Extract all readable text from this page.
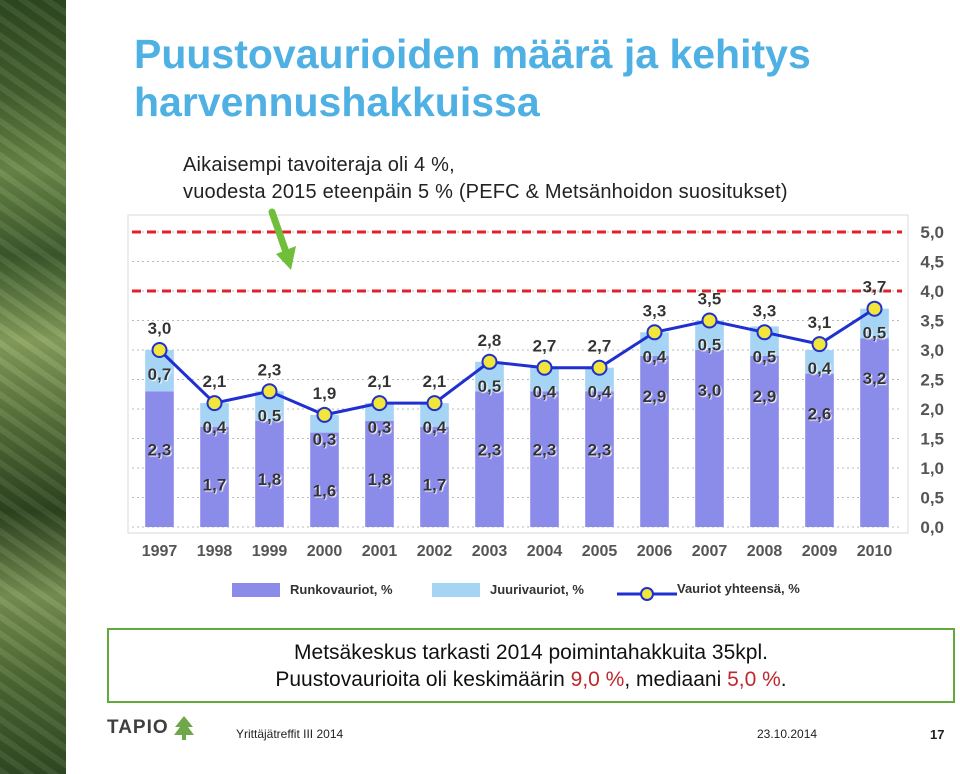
Puustovaurioiden määrä ja kehitys harvennushakkuissa
Aikaisempi tavoiteraja oli 4 %,
vuodesta 2015 eteenpäin 5 % (PEFC & Metsänhoidon suositukset)
3,0
0,7
2,3
2,1
0,4
1,7
2,3
0,5
1,8
1,9
0,3
1,6
2,1
0,3
1,8
2,1
0,4
1,7
2,8
0,5
2,3
2,7
0,4
2,3
2,7
0,4
2,3
3,3
0,4
2,9
3,5
0,5
3,0
3,3
0,5
2,9
3,1
0,4
2,6
3,7
0,5
3,2
0,0
0,5
1,0
1,5
2,0
2,5
3,0
3,5
4,0
4,5
5,0
1997 1998 1999 2000 2001 2002 2003 2004 2005 2006 2007 2008 2009 2010
Runkovauriot, %	Juurivauriot, %	Vauriot yhteensä, %
Metsäkeskus tarkasti 2014 poimintahakkuita 35kpl.
Puustovaurioita oli keskimäärin 9,0 %, mediaani 5,0 %.
TAPIO	Yrittäjätreffit III 2014	23.10.2014	17
